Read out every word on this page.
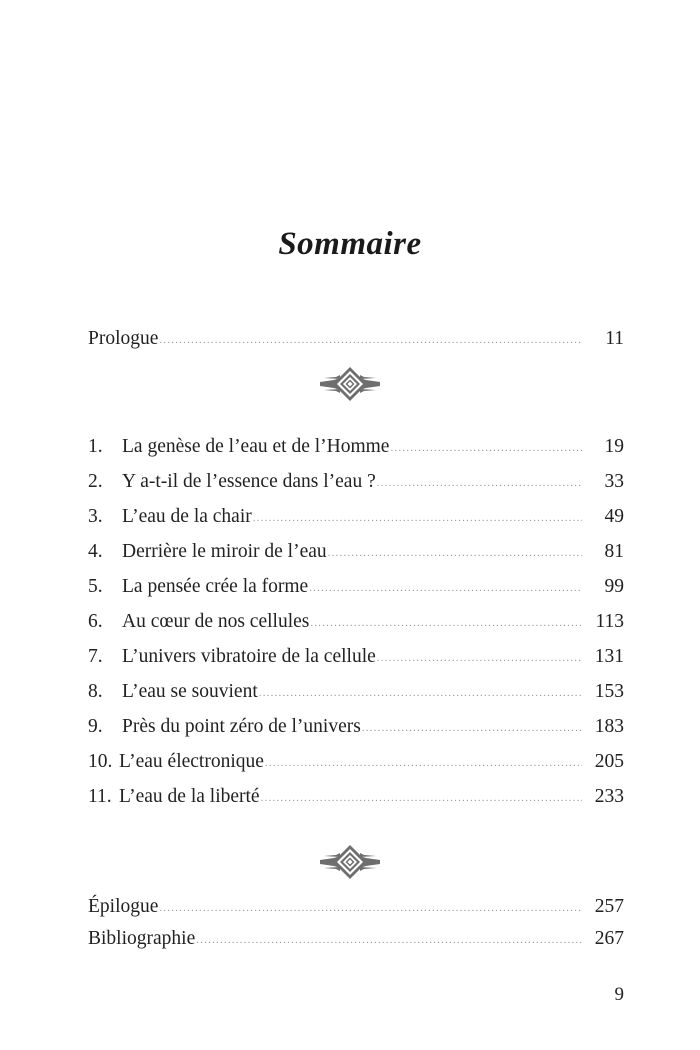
Sommaire
Prologue .....	11
1. La genèse de l’eau et de l’Homme .....	19
2. Y a-t-il de l’essence dans l’eau ? .....	33
3. L’eau de la chair .....	49
4. Derrière le miroir de l’eau .....	81
5. La pensée crée la forme .....	99
6. Au cœur de nos cellules .....	113
7. L’univers vibratoire de la cellule .....	131
8. L’eau se souvient .....	153
9. Près du point zéro de l’univers .....	183
10. L’eau électronique .....	205
11. L’eau de la liberté .....	233
Épilogue .....	257
Bibliographie .....	267
9
